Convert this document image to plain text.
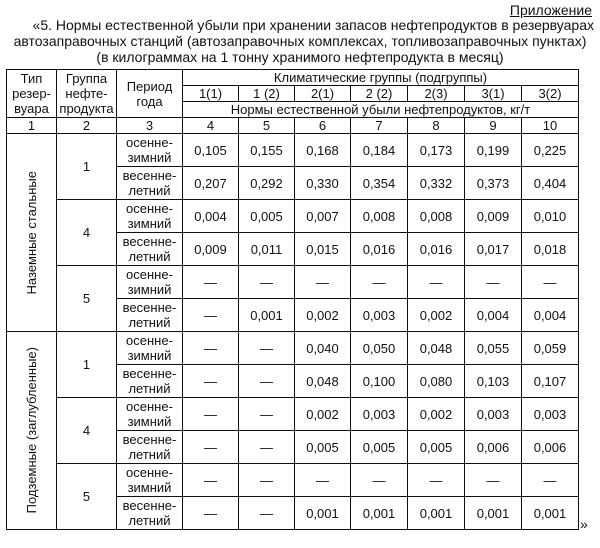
Приложение
«5. Нормы естественной убыли при хранении запасов нефтепродуктов в резервуарах
автозаправочных станций (автозаправочных комплексах, топливозаправочных пунктах)
(в килограммах на 1 тонну хранимого нефтепродукта в месяц)
Тип резер-вуара	Группа нефте-продукта	Период года	Климатические группы (подгруппы)						
			1(1)	1 (2)	2(1)	2 (2)	2(3)	3(1)	3(2)
			Нормы естественной убыли нефтепродуктов, кг/т						
1	2	3	4	5	6	7	8	9	10

Наземные стальные	1	осенне-зимний	0,105	0,155	0,168	0,184	0,173	0,199	0,225
		весенне-летний	0,207	0,292	0,330	0,354	0,332	0,373	0,404
	4	осенне-зимний	0,004	0,005	0,007	0,008	0,008	0,009	0,010
		весенне-летний	0,009	0,011	0,015	0,016	0,016	0,017	0,018
	5	осенне-зимний	—	—	—	—	—	—	—
		весенне-летний	—	0,001	0,002	0,003	0,002	0,004	0,004

Подземные (заглубленные)	1	осенне-зимний	—	—	0,040	0,050	0,048	0,055	0,059
		весенне-летний	—	—	0,048	0,100	0,080	0,103	0,107
	4	осенне-зимний	—	—	0,002	0,003	0,002	0,003	0,003
		весенне-летний	—	—	0,005	0,005	0,005	0,006	0,006
	5	осенне-зимний	—	—	—	—	—	—	—
		весенне-летний	—	—	0,001	0,001	0,001	0,001	0,001
»
